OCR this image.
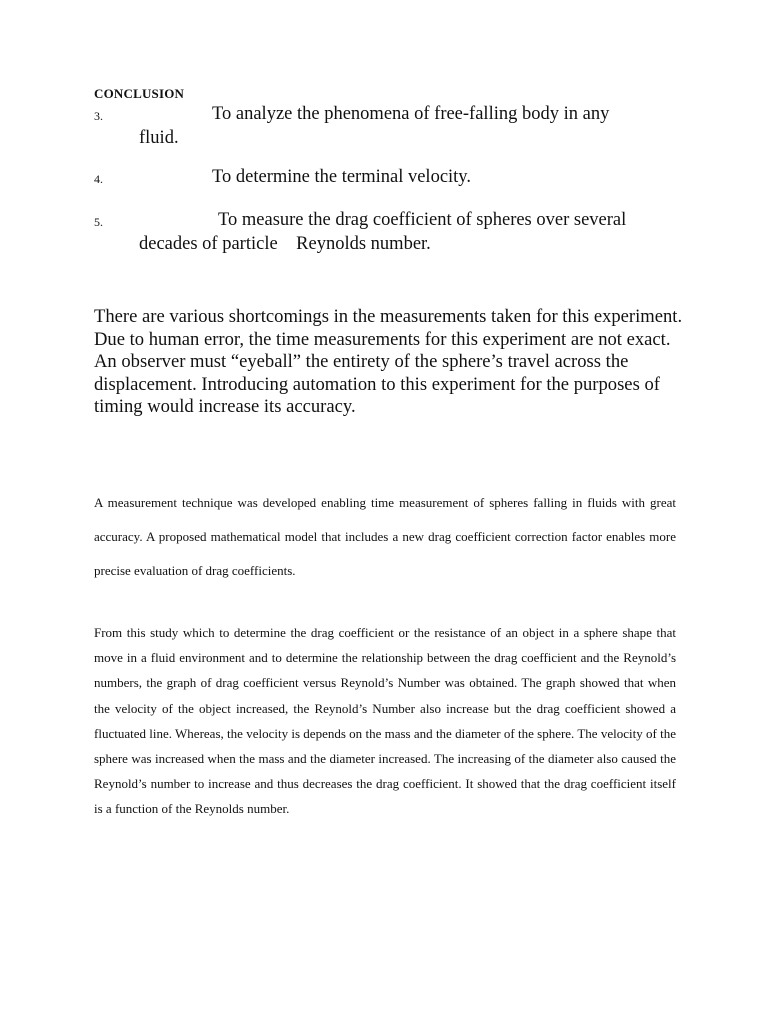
CONCLUSION
3.	To analyze the phenomena of free-falling body in any
fluid.
4.	To determine the terminal velocity.
5.	To measure the drag coefficient of spheres over several
decades of particle    Reynolds number.

There are various shortcomings in the measurements taken for this experiment. Due to human error, the time measurements for this experiment are not exact. An observer must “eyeball” the entirety of the sphere’s travel across the displacement. Introducing automation to this experiment for the purposes of timing would increase its accuracy.

A measurement technique was developed enabling time measurement of spheres falling in fluids with great accuracy. A proposed mathematical model that includes a new drag coefficient correction factor enables more precise evaluation of drag coefficients.

From this study which to determine the drag coefficient or the resistance of an object in a sphere shape that move in a fluid environment and to determine the relationship between the drag coefficient and the Reynold’s numbers, the graph of drag coefficient versus Reynold’s Number was obtained. The graph showed that when the velocity of the object increased, the Reynold’s Number also increase but the drag coefficient showed a fluctuated line. Whereas, the velocity is depends on the mass and the diameter of the sphere. The velocity of the sphere was increased when the mass and the diameter increased. The increasing of the diameter also caused the Reynold’s number to increase and thus decreases the drag coefficient. It showed that the drag coefficient itself is a function of the Reynolds number.
